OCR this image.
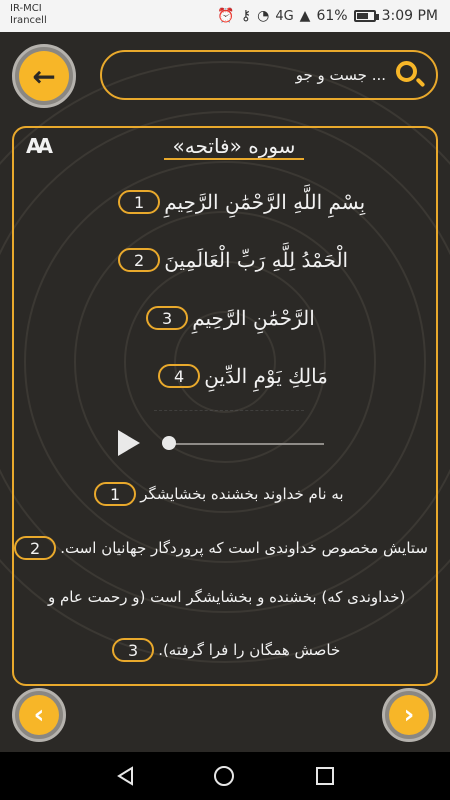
IR-MCI
Irancell	⏰ ⚷ ◔ 4G ▲ 61% 3:09 PM
←	جست و جو ...
AA	سوره «فاتحه»
بِسْمِ اللَّهِ الرَّحْمَٰنِ الرَّحِيمِ
1
الْحَمْدُ لِلَّهِ رَبِّ الْعَالَمِينَ
2
الرَّحْمَٰنِ الرَّحِيمِ
3
مَالِكِ يَوْمِ الدِّينِ
4
به نام خداوند بخشنده بخشایشگر
1
ستایش مخصوص خداوندی است که پروردگار جهانیان است.
2
(خداوندی که) بخشنده و بخشایشگر است (و رحمت عام و
خاصش همگان را فرا گرفته).
3
‹	›
